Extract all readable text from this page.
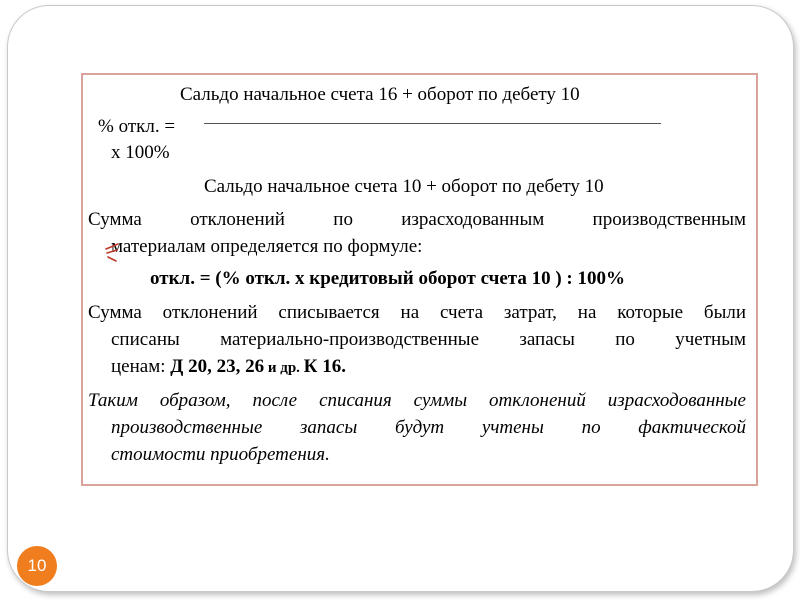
Сальдо начальное счета 16 + оборот по дебету 10
% откл. =
х 100%
Сальдо начальное счета 10 + оборот по дебету 10
Сумма отклонений по израсходованным производственным
материалам определяется по формуле:
откл. = (% откл. х кредитовый оборот счета 10 ) : 100%
Сумма отклонений списывается на счета затрат, на которые были
списаны материально-производственные запасы по учетным
ценам: Д 20, 23, 26 и др. К 16.
Таким образом, после списания суммы отклонений израсходованные
производственные запасы будут учтены по фактической
стоимости приобретения.
10
